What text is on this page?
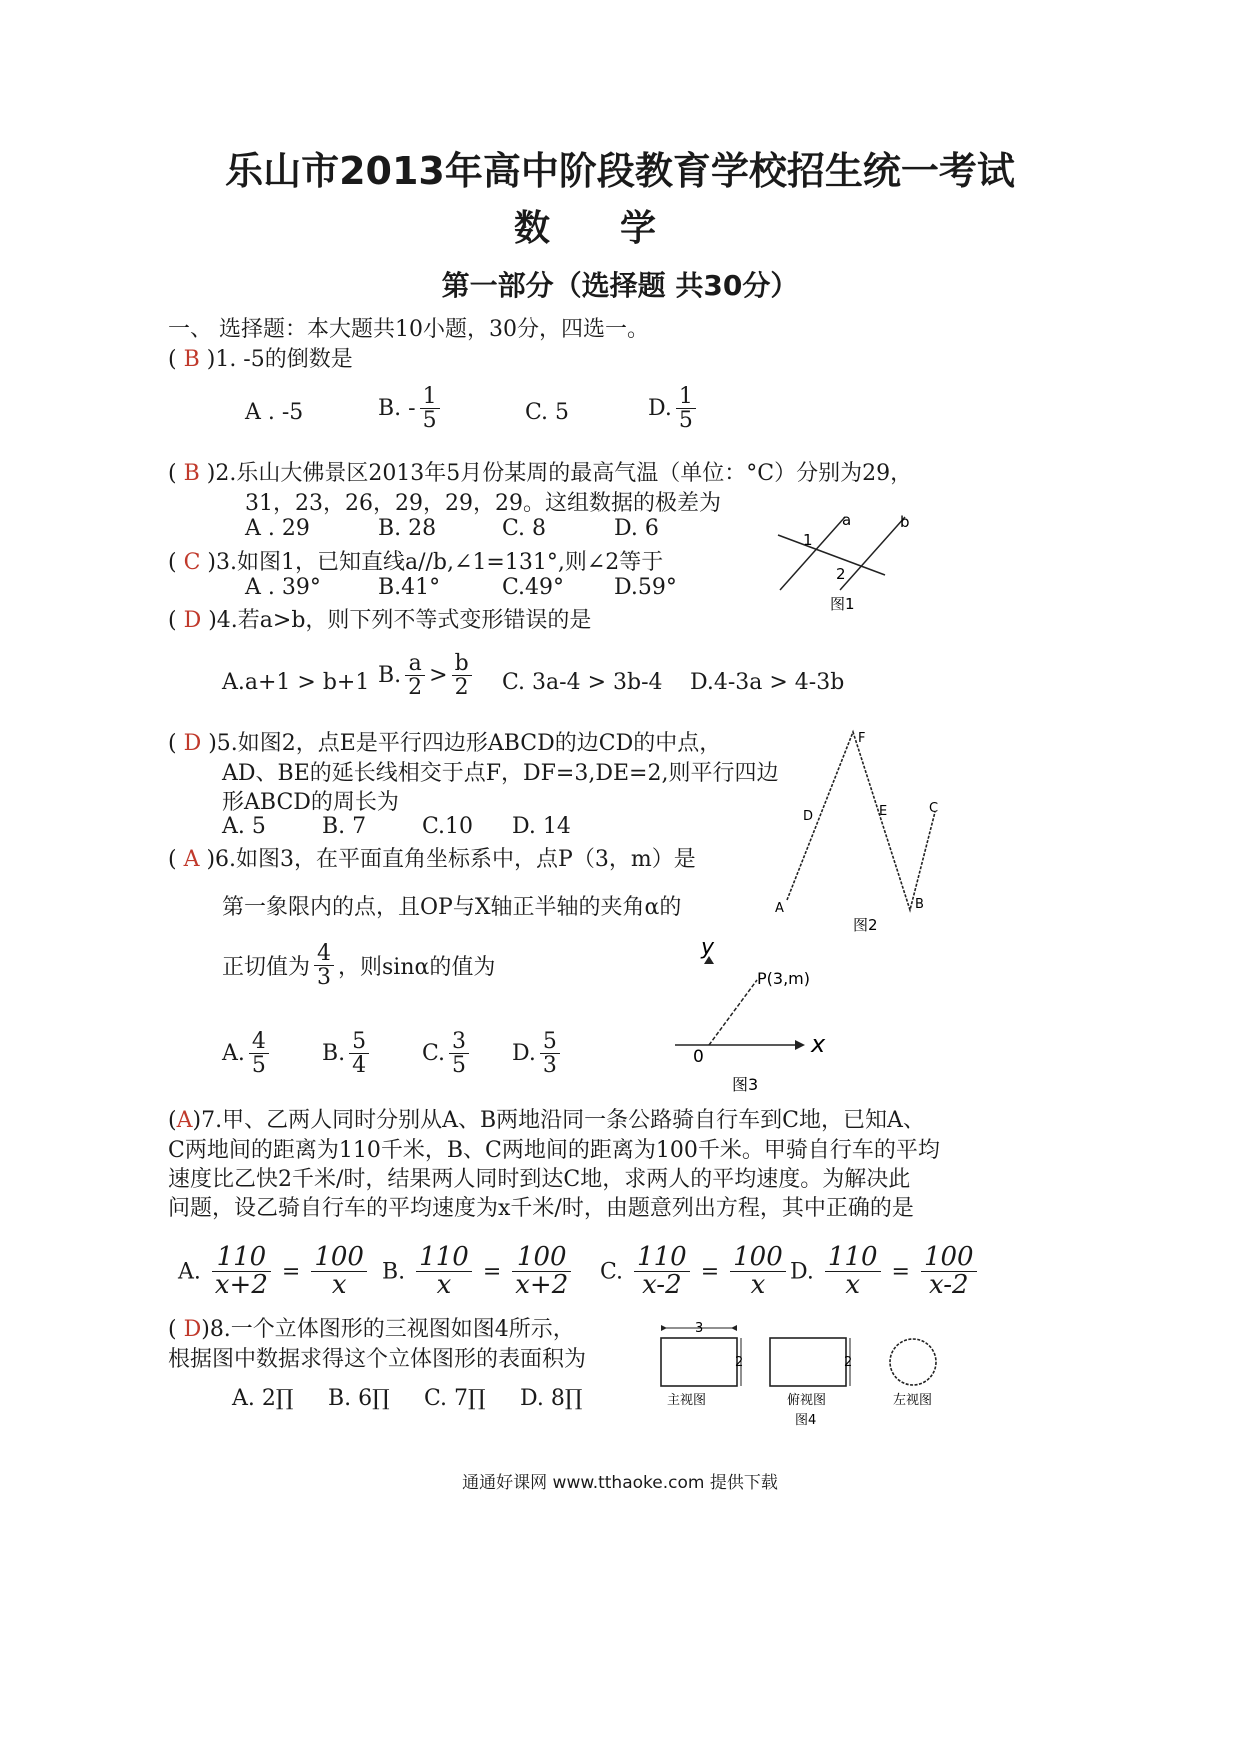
乐山市2013年高中阶段教育学校招生统一考试
数学
第一部分（选择题 共30分）
一、 选择题：本大题共10小题，30分，四选一。
( B )1. -5的倒数是
A . -5	B. - $\frac{1}{5}$	C. 5	D. $\frac{1}{5}$
( B )2.乐山大佛景区2013年5月份某周的最高气温（单位：°C）分别为29，
31，23，26，29，29，29。这组数据的极差为
A . 29	B. 28	C. 8	D. 6
( C )3.如图1，已知直线a//b,∠1=131°,则∠2等于
A . 39°	B.41°	C.49° D.59°
a	b
1
2
图1
( D )4.若a>b，则下列不等式变形错误的是
A.a+1 > b+1 B. $\frac{a}{2} > \frac{b}{2} C$. 3a-4 > 3b-4 D.4-3a > 4-3b
( D )5.如图2，点E是平行四边形ABCD的边CD的中点，
AD、BE的延长线相交于点F，DF=3,DE=2,则平行四边
形ABCD的周长为
A. 5	B. 7	C.10 D. 14
A	B
C
D	E
F
图2
( A )6.如图3，在平面直角坐标系中，点P（3，m）是
第一象限内的点，且OP与X轴正半轴的夹角α的
正切值为 $\frac{4}{3}$ ，则sinα的值为
A. $\frac{4}{5} B$. $\frac{5}{4} C$. $\frac{3}{5} D$. $\frac{5}{3}$
y
x
0
P(3,m)
图3
(A)7.甲、乙两人同时分别从A、B两地沿同一条公路骑自行车到C地，已知A、
C两地间的距离为110千米，B、C两地间的距离为100千米。甲骑自行车的平均
速度比乙快2千米/时，结果两人同时到达C地，求两人的平均速度。为解决此
问题，设乙骑自行车的平均速度为x千米/时，由题意列出方程，其中正确的是
A. $\frac{110}{x+2} = \frac{100}{x} B$. $\frac{110}{x} = \frac{100}{x+2} C$. $\frac{110}{x-2} = \frac{100}{x} D$. $\frac{110}{x} = \frac{100}{x-2}$
( D)8.一个立体图形的三视图如图4所示，
根据图中数据求得这个立体图形的表面积为
A. 2∏ B. 6∏ C. 7∏ D. 8∏
3
2
主视图
2
俯视图
图4
左视图
通通好课网 www.tthaoke.com 提供下载
